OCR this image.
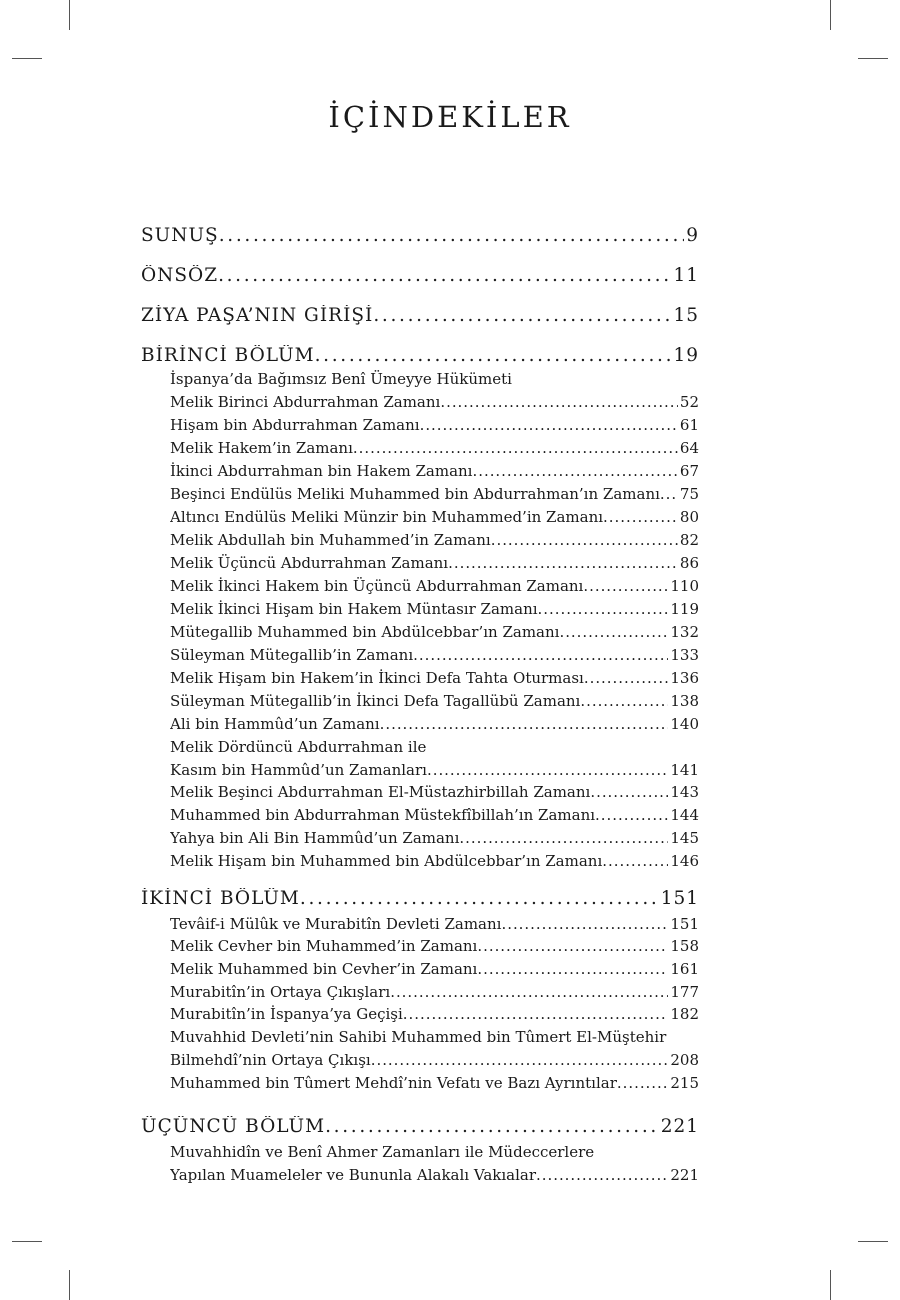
İÇİNDEKİLER
SUNUŞ . . .	9
ÖNSÖZ . . .	11
ZİYA PAŞA’NIN GİRİŞİ . . .	15
BİRİNCİ BÖLÜM . . .	19
İspanya’da Bağımsız Benî Ümeyye Hükümeti
Melik Birinci Abdurrahman Zamanı . . .	52
Hişam bin Abdurrahman Zamanı . . .	61
Melik Hakem’in Zamanı . . .	64
İkinci Abdurrahman bin Hakem Zamanı . . .	67
Beşinci Endülüs Meliki Muhammed bin Abdurrahman’ın Zamanı . . . 75
Altıncı Endülüs Meliki Münzir bin Muhammed’in Zamanı . . .	80
Melik Abdullah bin Muhammed’in Zamanı . . .	82
Melik Üçüncü Abdurrahman Zamanı . . .	86
Melik İkinci Hakem bin Üçüncü Abdurrahman Zamanı . . .	110
Melik İkinci Hişam bin Hakem Müntasır Zamanı . . .	119
Mütegallib Muhammed bin Abdülcebbar’ın Zamanı . . .	132
Süleyman Mütegallib’in Zamanı . . .	133
Melik Hişam bin Hakem’in İkinci Defa Tahta Oturması . . .	136
Süleyman Mütegallib’in İkinci Defa Tagallübü Zamanı . . .	138
Ali bin Hammûd’un Zamanı . . .	140
Melik Dördüncü Abdurrahman ile
Kasım bin Hammûd’un Zamanları . . .	141
Melik Beşinci Abdurrahman El-Müstazhirbillah Zamanı . . .	143
Muhammed bin Abdurrahman Müstekfîbillah’ın Zamanı . . .	144
Yahya bin Ali Bin Hammûd’un Zamanı . . .	145
Melik Hişam bin Muhammed bin Abdülcebbar’ın Zamanı . . .	146
İKİNCİ BÖLÜM . . .	151
Tevâif-i Mülûk ve Murabitîn Devleti Zamanı . . .	151
Melik Cevher bin Muhammed’in Zamanı . . .	158
Melik Muhammed bin Cevher’in Zamanı . . .	161
Murabitîn’in Ortaya Çıkışları . . .	177
Murabitîn’in İspanya’ya Geçişi . . .	182
Muvahhid Devleti’nin Sahibi Muhammed bin Tûmert El-Müştehir
Bilmehdî’nin Ortaya Çıkışı . . .	208
Muhammed bin Tûmert Mehdî’nin Vefatı ve Bazı Ayrıntılar . . .	215
ÜÇÜNCÜ BÖLÜM . . .	221
Muvahhidîn ve Benî Ahmer Zamanları ile Müdeccerlere
Yapılan Muameleler ve Bununla Alakalı Vakıalar . . .	221
